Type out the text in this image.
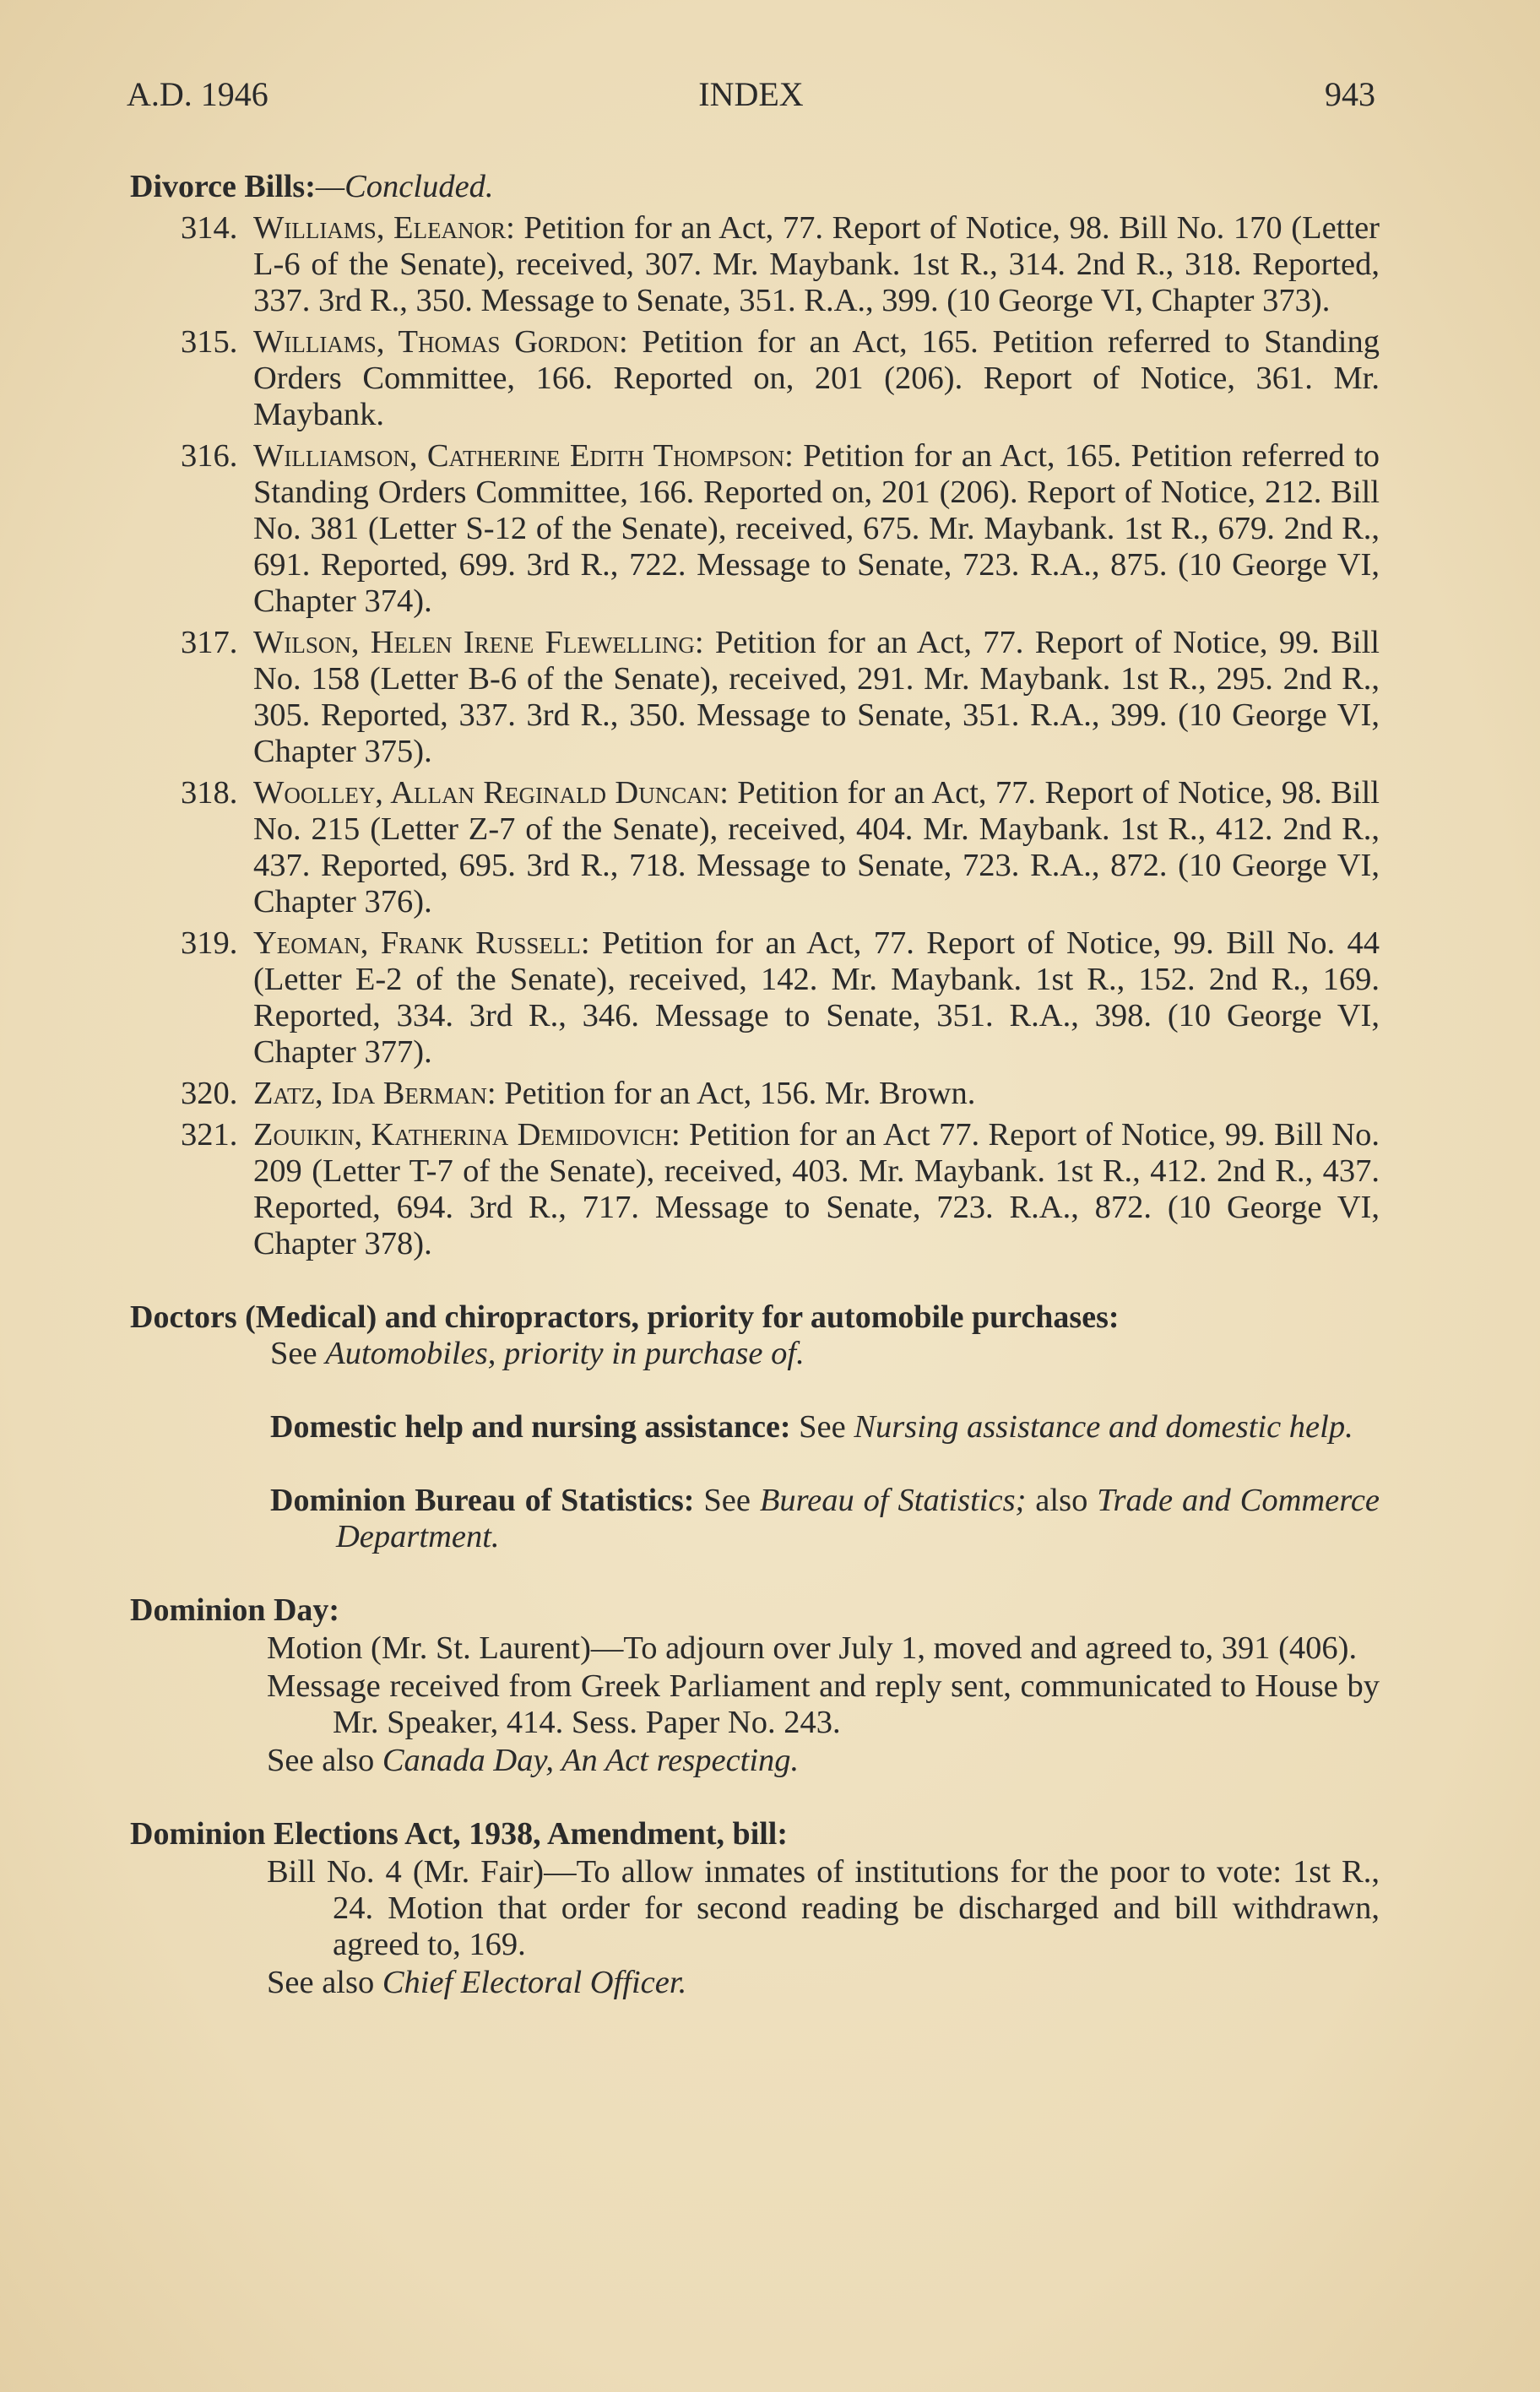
A.D. 1946	INDEX	943
Divorce Bills:—Concluded.
314. Williams, Eleanor: Petition for an Act, 77. Report of Notice, 98. Bill No. 170 (Letter L-6 of the Senate), received, 307. Mr. Maybank. 1st R., 314. 2nd R., 318. Reported, 337. 3rd R., 350. Message to Senate, 351. R.A., 399. (10 George VI, Chapter 373).
315. Williams, Thomas Gordon: Petition for an Act, 165. Petition referred to Standing Orders Committee, 166. Reported on, 201 (206). Report of Notice, 361. Mr. Maybank.
316. Williamson, Catherine Edith Thompson: Petition for an Act, 165. Petition referred to Standing Orders Committee, 166. Reported on, 201 (206). Report of Notice, 212. Bill No. 381 (Letter S-12 of the Senate), received, 675. Mr. Maybank. 1st R., 679. 2nd R., 691. Reported, 699. 3rd R., 722. Message to Senate, 723. R.A., 875. (10 George VI, Chapter 374).
317. Wilson, Helen Irene Flewelling: Petition for an Act, 77. Report of Notice, 99. Bill No. 158 (Letter B-6 of the Senate), received, 291. Mr. Maybank. 1st R., 295. 2nd R., 305. Reported, 337. 3rd R., 350. Message to Senate, 351. R.A., 399. (10 George VI, Chapter 375).
318. Woolley, Allan Reginald Duncan: Petition for an Act, 77. Report of Notice, 98. Bill No. 215 (Letter Z-7 of the Senate), received, 404. Mr. Maybank. 1st R., 412. 2nd R., 437. Reported, 695. 3rd R., 718. Message to Senate, 723. R.A., 872. (10 George VI, Chapter 376).
319. Yeoman, Frank Russell: Petition for an Act, 77. Report of Notice, 99. Bill No. 44 (Letter E-2 of the Senate), received, 142. Mr. Maybank. 1st R., 152. 2nd R., 169. Reported, 334. 3rd R., 346. Message to Senate, 351. R.A., 398. (10 George VI, Chapter 377).
320. Zatz, Ida Berman: Petition for an Act, 156. Mr. Brown.
321. Zouikin, Katherina Demidovich: Petition for an Act 77. Report of Notice, 99. Bill No. 209 (Letter T-7 of the Senate), received, 403. Mr. Maybank. 1st R., 412. 2nd R., 437. Reported, 694. 3rd R., 717. Message to Senate, 723. R.A., 872. (10 George VI, Chapter 378).
Doctors (Medical) and chiropractors, priority for automobile purchases:
See Automobiles, priority in purchase of.
Domestic help and nursing assistance: See Nursing assistance and domestic help.
Dominion Bureau of Statistics: See Bureau of Statistics; also Trade and Commerce Department.
Dominion Day:
Motion (Mr. St. Laurent)—To adjourn over July 1, moved and agreed to, 391 (406).
Message received from Greek Parliament and reply sent, communicated to House by Mr. Speaker, 414. Sess. Paper No. 243.
See also Canada Day, An Act respecting.
Dominion Elections Act, 1938, Amendment, bill:
Bill No. 4 (Mr. Fair)—To allow inmates of institutions for the poor to vote: 1st R., 24. Motion that order for second reading be discharged and bill withdrawn, agreed to, 169.
See also Chief Electoral Officer.
